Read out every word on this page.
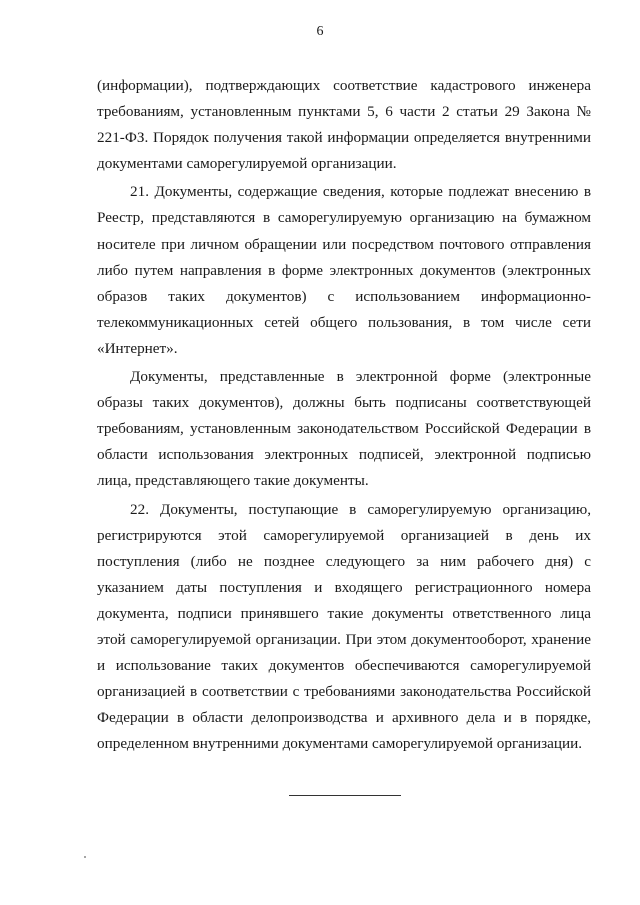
6

(информации), подтверждающих соответствие кадастрового инженера требованиям, установленным пунктами 5, 6 части 2 статьи 29 Закона № 221-ФЗ. Порядок получения такой информации определяется внутренними документами саморегулируемой организации.

21. Документы, содержащие сведения, которые подлежат внесению в Реестр, представляются в саморегулируемую организацию на бумажном носителе при личном обращении или посредством почтового отправления либо путем направления в форме электронных документов (электронных образов таких документов) с использованием информационно-телекоммуникационных сетей общего пользования, в том числе сети «Интернет».

Документы, представленные в электронной форме (электронные образы таких документов), должны быть подписаны соответствующей требованиям, установленным законодательством Российской Федерации в области использования электронных подписей, электронной подписью лица, представляющего такие документы.

22. Документы, поступающие в саморегулируемую организацию, регистрируются этой саморегулируемой организацией в день их поступления (либо не позднее следующего за ним рабочего дня) с указанием даты поступления и входящего регистрационного номера документа, подписи принявшего такие документы ответственного лица этой саморегулируемой организации. При этом документооборот, хранение и использование таких документов обеспечиваются саморегулируемой организацией в соответствии с требованиями законодательства Российской Федерации в области делопроизводства и архивного дела и в порядке, определенном внутренними документами саморегулируемой организации.
